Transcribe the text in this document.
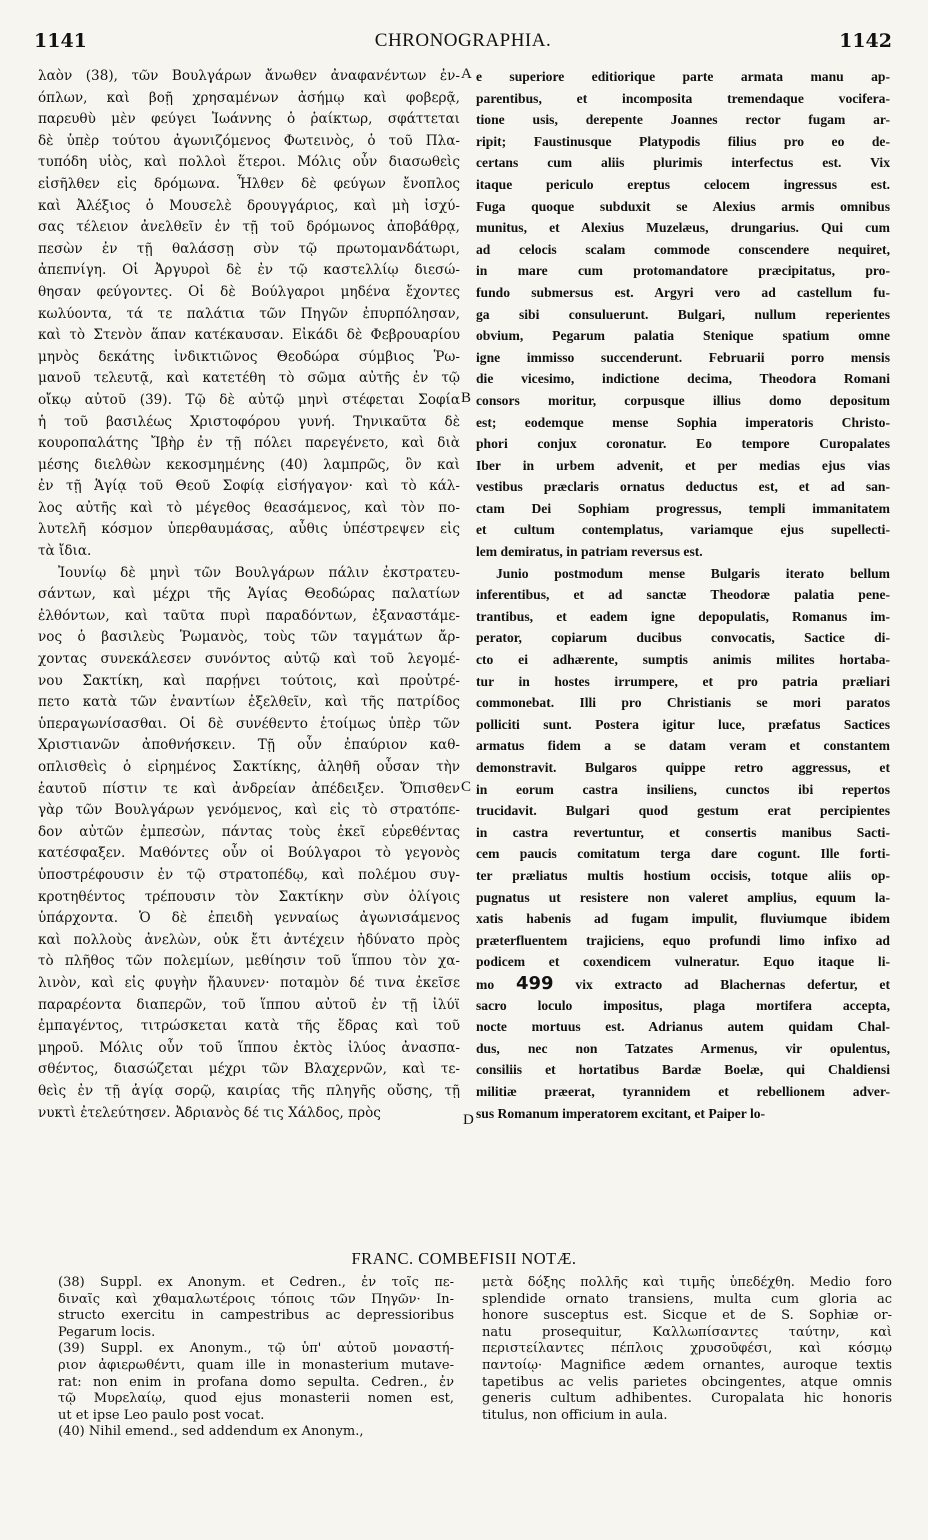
1141	CHRONOGRAPHIA.	1142
λαὸν (38), τῶν Βουλγάρων ἄνωθεν ἀναφανέντων ἐν-
όπλων, καὶ βοῇ χρησαμένων ἀσήμῳ καὶ φοβερᾷ,
παρευθὺ μὲν φεύγει Ἰωάννης ὁ ῥαίκτωρ, σφάττεται
δὲ ὑπὲρ τούτου ἀγωνιζόμενος Φωτεινὸς, ὁ τοῦ Πλα-
τυπόδη υἱὸς, καὶ πολλοὶ ἕτεροι. Μόλις οὖν διασωθεὶς
εἰσῆλθεν εἰς δρόμωνα. Ἦλθεν δὲ φεύγων ἔνοπλος
καὶ Ἀλέξιος ὁ Μουσελὲ δρουγγάριος, καὶ μὴ ἰσχύ-
σας τέλειον ἀνελθεῖν ἐν τῇ τοῦ δρόμωνος ἀποβάθρᾳ,
πεσὼν ἐν τῇ θαλάσσῃ σὺν τῷ πρωτομανδάτωρι,
ἀπεπνίγη. Οἱ Ἀργυροὶ δὲ ἐν τῷ καστελλίῳ διεσώ-
θησαν φεύγοντες. Οἱ δὲ Βούλγαροι μηδένα ἔχοντες
κωλύοντα, τά τε παλάτια τῶν Πηγῶν ἐπυρπόλησαν,
καὶ τὸ Στενὸν ἅπαν κατέκαυσαν. Εἰκάδι δὲ Φεβρουαρίου
μηνὸς δεκάτης ἰνδικτιῶνος Θεοδώρα σύμβιος Ῥω-
μανοῦ τελευτᾷ, καὶ κατετέθη τὸ σῶμα αὐτῆς ἐν τῷ
οἴκῳ αὐτοῦ (39). Τῷ δὲ αὐτῷ μηνὶ στέφεται Σοφία
ἡ τοῦ βασιλέως Χριστοφόρου γυνή. Τηνικαῦτα δὲ
κουροπαλάτης Ἴβὴρ ἐν τῇ πόλει παρεγένετο, καὶ διὰ
μέσης διελθὼν κεκοσμημένης (40) λαμπρῶς, ὃν καὶ
ἐν τῇ Ἁγίᾳ τοῦ Θεοῦ Σοφίᾳ εἰσήγαγον· καὶ τὸ κάλ-
λος αὐτῆς καὶ τὸ μέγεθος θεασάμενος, καὶ τὸν πο-
λυτελῆ κόσμον ὑπερθαυμάσας, αὖθις ὑπέστρεψεν εἰς
τὰ ἴδια.
Ἰουνίῳ δὲ μηνὶ τῶν Βουλγάρων πάλιν ἐκστρατευ-
σάντων, καὶ μέχρι τῆς Ἁγίας Θεοδώρας παλατίων
ἐλθόντων, καὶ ταῦτα πυρὶ παραδόντων, ἐξαναστάμε-
νος ὁ βασιλεὺς Ῥωμανὸς, τοὺς τῶν ταγμάτων ἄρ-
χοντας συνεκάλεσεν συνόντος αὐτῷ καὶ τοῦ λεγομέ-
νου Σακτίκη, καὶ παρῄνει τούτοις, καὶ προὐτρέ-
πετο κατὰ τῶν ἐναντίων ἐξελθεῖν, καὶ τῆς πατρίδος
ὑπεραγωνίσασθαι. Οἱ δὲ συνέθεντο ἑτοίμως ὑπὲρ τῶν
Χριστιανῶν ἀποθνήσκειν. Τῇ οὖν ἐπαύριον καθ-
οπλισθεὶς ὁ εἰρημένος Σακτίκης, ἀληθῆ οὖσαν τὴν
ἑαυτοῦ πίστιν τε καὶ ἀνδρείαν ἀπέδειξεν. Ὄπισθεν
γὰρ τῶν Βουλγάρων γενόμενος, καὶ εἰς τὸ στρατόπε-
δον αὐτῶν ἐμπεσὼν, πάντας τοὺς ἐκεῖ εὑρεθέντας
κατέσφαξεν. Μαθόντες οὖν οἱ Βούλγαροι τὸ γεγονὸς
ὑποστρέφουσιν ἐν τῷ στρατοπέδῳ, καὶ πολέμου συγ-
κροτηθέντος τρέπουσιν τὸν Σακτίκην σὺν ὀλίγοις
ὑπάρχοντα. Ὁ δὲ ἐπειδὴ γενναίως ἀγωνισάμενος
καὶ πολλοὺς ἀνελὼν, οὐκ ἔτι ἀντέχειν ἠδύνατο πρὸς
τὸ πλῆθος τῶν πολεμίων, μεθίησιν τοῦ ἵππου τὸν χα-
λινὸν, καὶ εἰς φυγὴν ἤλαυνεν· ποταμὸν δέ τινα ἐκεῖσε
παραρέοντα διαπερῶν, τοῦ ἵππου αὐτοῦ ἐν τῇ ἰλύϊ
ἐμπαγέντος, τιτρώσκεται κατὰ τῆς ἕδρας καὶ τοῦ
μηροῦ. Μόλις οὖν τοῦ ἵππου ἐκτὸς ἰλύος ἀνασπα-
σθέντος, διασώζεται μέχρι τῶν Βλαχερνῶν, καὶ τε-
θεὶς ἐν τῇ ἁγίᾳ σορῷ, καιρίας τῆς πληγῆς οὔσης, τῇ
νυκτὶ ἐτελεύτησεν. Ἀδριανὸς δέ τις Χάλδος, πρὸς
e superiore editiorique parte armata manu ap-
parentibus, et incomposita tremendaque vocifera-
tione usis, derepente Joannes rector fugam ar-
ripit; Faustinusque Platypodis filius pro eo de-
certans cum aliis plurimis interfectus est. Vix
itaque periculo ereptus celocem ingressus est.
Fuga quoque subduxit se Alexius armis omnibus
munitus, et Alexius Muzelæus, drungarius. Qui cum
ad celocis scalam commode conscendere nequiret,
in mare cum protomandatore præcipitatus, pro-
fundo submersus est. Argyri vero ad castellum fu-
ga sibi consuluerunt. Bulgari, nullum reperientes
obvium, Pegarum palatia Stenique spatium omne
igne immisso succenderunt. Februarii porro mensis
die vicesimo, indictione decima, Theodora Romani
consors moritur, corpusque illius domo depositum
est; eodemque mense Sophia imperatoris Christo-
phori conjux coronatur. Eo tempore Curopalates
Iber in urbem advenit, et per medias ejus vias
vestibus præclaris ornatus deductus est, et ad san-
ctam Dei Sophiam progressus, templi immanitatem
et cultum contemplatus, variamque ejus supellecti-
lem demiratus, in patriam reversus est.
Junio postmodum mense Bulgaris iterato bellum
inferentibus, et ad sanctæ Theodoræ palatia pene-
trantibus, et eadem igne depopulatis, Romanus im-
perator, copiarum ducibus convocatis, Sactice di-
cto ei adhærente, sumptis animis milites hortaba-
tur in hostes irrumpere, et pro patria præliari
commonebat. Illi pro Christianis se mori paratos
polliciti sunt. Postera igitur luce, præfatus Sactices
armatus fidem a se datam veram et constantem
demonstravit. Bulgaros quippe retro aggressus, et
in eorum castra insiliens, cunctos ibi repertos
trucidavit. Bulgari quod gestum erat percipientes
in castra revertuntur, et consertis manibus Sacti-
cem paucis comitatum terga dare cogunt. Ille forti-
ter præliatus multis hostium occisis, totque aliis op-
pugnatus ut resistere non valeret amplius, equum la-
xatis habenis ad fugam impulit, fluviumque ibidem
præterfluentem trajiciens, equo profundi limo infixo ad
podicem et coxendicem vulneratur. Equo itaque li-
mo 499 vix extracto ad Blachernas defertur, et
sacro loculo impositus, plaga mortifera accepta,
nocte mortuus est. Adrianus autem quidam Chal-
dus, nec non Tatzates Armenus, vir opulentus,
consiliis et hortatibus Bardæ Boelæ, qui Chaldiensi
militiæ præerat, tyrannidem et rebellionem adver-
sus Romanum imperatorem excitant, et Paiper lo-
A
B
C
D
FRANC. COMBEFISII NOTÆ.
(38) Suppl. ex Anonym. et Cedren., ἐν τοῖς πε-
διναῖς καὶ χθαμαλωτέροις τόποις τῶν Πηγῶν· In-
structo exercitu in campestribus ac depressioribus
Pegarum locis.
(39) Suppl. ex Anonym., τῷ ὑπ' αὐτοῦ μοναστή-
ριον ἀφιερωθέντι, quam ille in monasterium mutave-
rat: non enim in profana domo sepulta. Cedren., ἐν
τῷ Μυρελαίῳ, quod ejus monasterii nomen est,
ut et ipse Leo paulo post vocat.
(40) Nihil emend., sed addendum ex Anonym.,
μετὰ δόξης πολλῆς καὶ τιμῆς ὑπεδέχθη. Medio foro
splendide ornato transiens, multa cum gloria ac
honore susceptus est. Sicque et de S. Sophiæ or-
natu prosequitur, Καλλωπίσαντες ταύτην, καὶ
περιστείλαντες πέπλοις χρυσοῦφέσι, καὶ κόσμῳ
παντοίῳ· Magnifice ædem ornantes, auroque textis
tapetibus ac velis parietes obcingentes, atque omnis
generis cultum adhibentes. Curopalata hic honoris
titulus, non officium in aula.
